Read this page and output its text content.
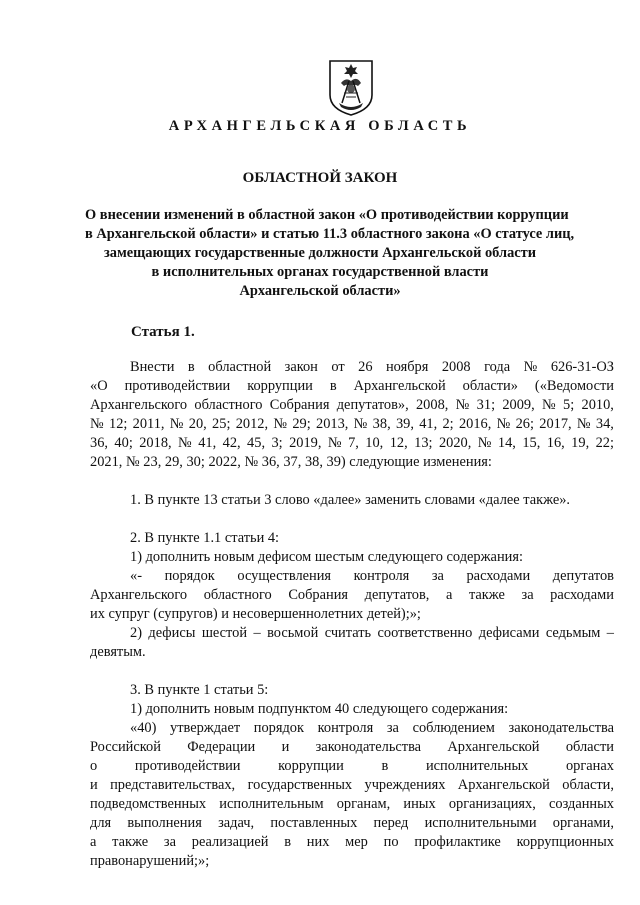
АРХАНГЕЛЬСКАЯ ОБЛАСТЬ
ОБЛАСТНОЙ ЗАКОН
О внесении изменений в областной закон «О противодействии коррупции
в Архангельской области» и статью 11.3 областного закона «О статусе лиц,
замещающих государственные должности Архангельской области
в исполнительных органах государственной власти
Архангельской области»
Статья 1.
Внести в областной закон от 26 ноября 2008 года № 626-31-ОЗ
«О противодействии коррупции в Архангельской области» («Ведомости
Архангельского областного Собрания депутатов», 2008, № 31; 2009, № 5; 2010,
№ 12; 2011, № 20, 25; 2012, № 29; 2013, № 38, 39, 41, 2; 2016, № 26; 2017, № 34,
36, 40; 2018, № 41, 42, 45, 3; 2019, № 7, 10, 12, 13; 2020, № 14, 15, 16, 19, 22;
2021, № 23, 29, 30; 2022, № 36, 37, 38, 39) следующие изменения:
1. В пункте 13 статьи 3 слово «далее» заменить словами «далее также».
2. В пункте 1.1 статьи 4:
1) дополнить новым дефисом шестым следующего содержания:
«- порядок осуществления контроля за расходами депутатов
Архангельского областного Собрания депутатов, а также за расходами
их супруг (супругов) и несовершеннолетних детей);»;
2) дефисы шестой – восьмой считать соответственно дефисами седьмым –
девятым.
3. В пункте 1 статьи 5:
1) дополнить новым подпунктом 40 следующего содержания:
«40) утверждает порядок контроля за соблюдением законодательства
Российской Федерации и законодательства Архангельской области
о	противодействии	коррупции	в	исполнительных	органах
и представительствах, государственных учреждениях Архангельской области,
подведомственных исполнительным органам, иных организациях, созданных
для выполнения задач, поставленных перед исполнительными органами,
а также за реализацией в них мер по профилактике коррупционных
правонарушений;»;
